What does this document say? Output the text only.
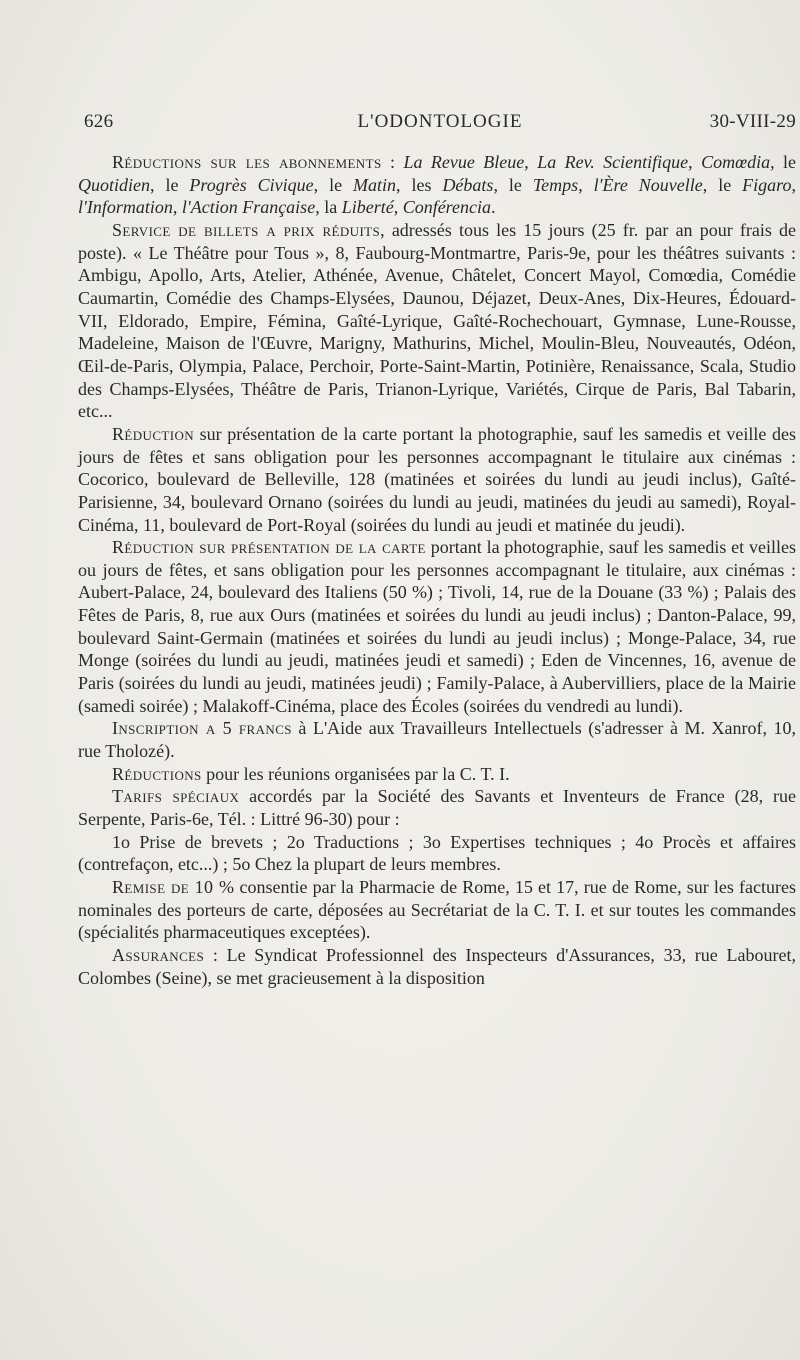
626	L'ODONTOLOGIE	30-VIII-29

Réductions sur les abonnements : La Revue Bleue, La Rev. Scientifique, Comœdia, le Quotidien, le Progrès Civique, le Matin, les Débats, le Temps, l'Ère Nouvelle, le Figaro, l'Information, l'Action Française, la Liberté, Conférencia.

Service de billets a prix réduits, adressés tous les 15 jours (25 fr. par an pour frais de poste). « Le Théâtre pour Tous », 8, Faubourg-Montmartre, Paris-9e, pour les théâtres suivants : Ambigu, Apollo, Arts, Atelier, Athénée, Avenue, Châtelet, Concert Mayol, Comœdia, Comédie Caumartin, Comédie des Champs-Elysées, Daunou, Déjazet, Deux-Anes, Dix-Heures, Édouard-VII, Eldorado, Empire, Fémina, Gaîté-Lyrique, Gaîté-Rochechouart, Gymnase, Lune-Rousse, Madeleine, Maison de l'Œuvre, Marigny, Mathurins, Michel, Moulin-Bleu, Nouveautés, Odéon, Œil-de-Paris, Olympia, Palace, Perchoir, Porte-Saint-Martin, Potinière, Renaissance, Scala, Studio des Champs-Elysées, Théâtre de Paris, Trianon-Lyrique, Variétés, Cirque de Paris, Bal Tabarin, etc...

Réduction sur présentation de la carte portant la photographie, sauf les samedis et veille des jours de fêtes et sans obligation pour les personnes accompagnant le titulaire aux cinémas : Cocorico, boulevard de Belleville, 128 (matinées et soirées du lundi au jeudi inclus), Gaîté-Parisienne, 34, boulevard Ornano (soirées du lundi au jeudi, matinées du jeudi au samedi), Royal-Cinéma, 11, boulevard de Port-Royal (soirées du lundi au jeudi et matinée du jeudi).

Réduction sur présentation de la carte portant la photographie, sauf les samedis et veilles ou jours de fêtes, et sans obligation pour les personnes accompagnant le titulaire, aux cinémas : Aubert-Palace, 24, boulevard des Italiens (50 %) ; Tivoli, 14, rue de la Douane (33 %) ; Palais des Fêtes de Paris, 8, rue aux Ours (matinées et soirées du lundi au jeudi inclus) ; Danton-Palace, 99, boulevard Saint-Germain (matinées et soirées du lundi au jeudi inclus) ; Monge-Palace, 34, rue Monge (soirées du lundi au jeudi, matinées jeudi et samedi) ; Eden de Vincennes, 16, avenue de Paris (soirées du lundi au jeudi, matinées jeudi) ; Family-Palace, à Aubervilliers, place de la Mairie (samedi soirée) ; Malakoff-Cinéma, place des Écoles (soirées du vendredi au lundi).

Inscription a 5 francs à L'Aide aux Travailleurs Intellectuels (s'adresser à M. Xanrof, 10, rue Tholozé).

Réductions pour les réunions organisées par la C. T. I.

Tarifs spéciaux accordés par la Société des Savants et Inventeurs de France (28, rue Serpente, Paris-6e, Tél. : Littré 96-30) pour :

1o Prise de brevets ; 2o Traductions ; 3o Expertises techniques ; 4o Procès et affaires (contrefaçon, etc...) ; 5o Chez la plupart de leurs membres.

Remise de 10 % consentie par la Pharmacie de Rome, 15 et 17, rue de Rome, sur les factures nominales des porteurs de carte, déposées au Secrétariat de la C. T. I. et sur toutes les commandes (spécialités pharmaceutiques exceptées).

Assurances : Le Syndicat Professionnel des Inspecteurs d'Assurances, 33, rue Labouret, Colombes (Seine), se met gracieusement à la disposition
